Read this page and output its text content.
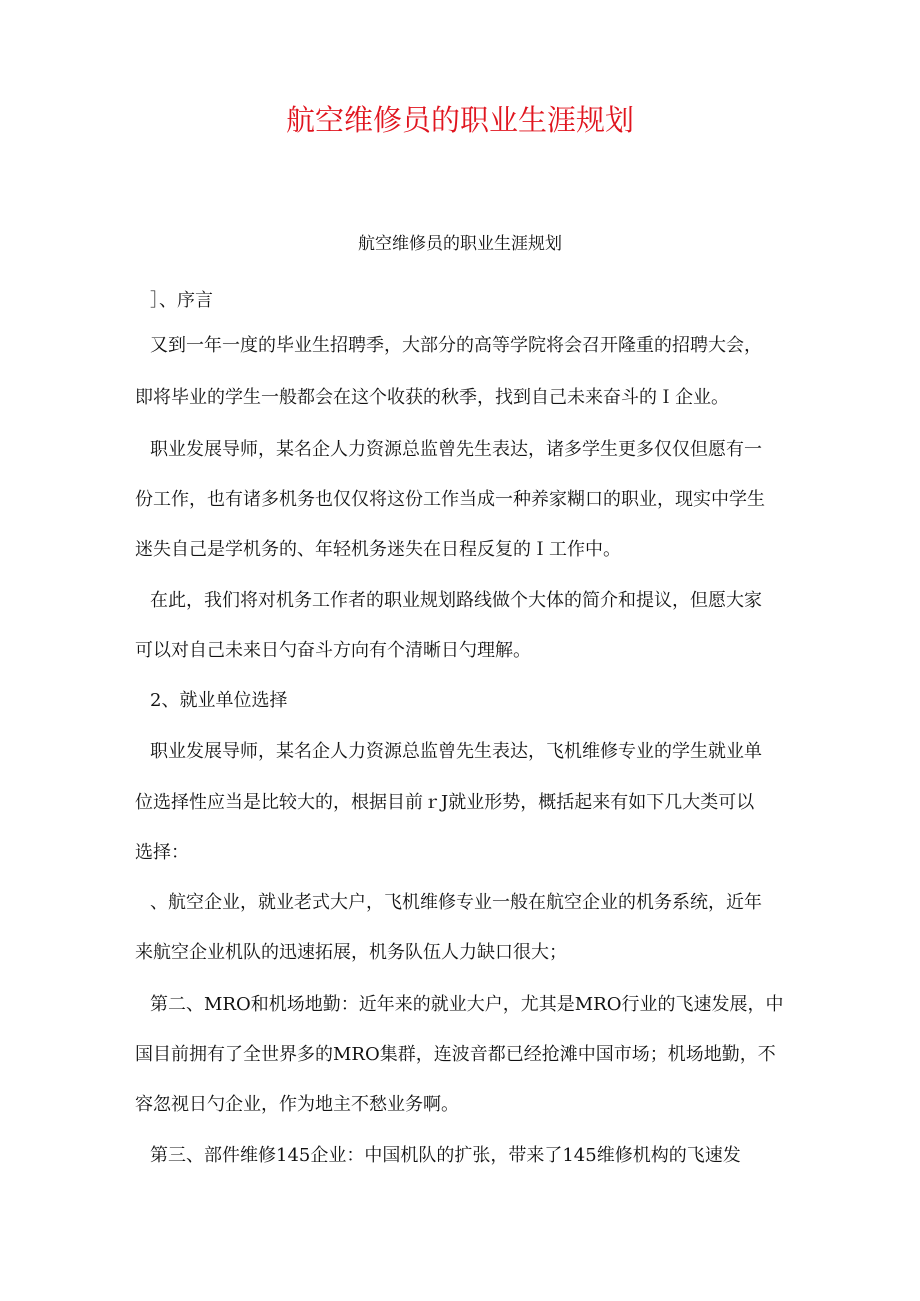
航空维修员的职业生涯规划
航空维修员的职业生涯规划
］、序言
又到一年一度的毕业生招聘季，大部分的高等学院将会召开隆重的招聘大会，
即将毕业的学生一般都会在这个收获的秋季，找到自己未来奋斗的Ｉ企业。
职业发展导师，某名企人力资源总监曾先生表达，诸多学生更多仅仅但愿有一
份工作，也有诸多机务也仅仅将这份工作当成一种养家糊口的职业，现实中学生
迷失自己是学机务的、年轻机务迷失在日程反复的Ｉ工作中。
在此，我们将对机务工作者的职业规划路线做个大体的简介和提议，但愿大家
可以对自己未来日勺奋斗方向有个清晰日勺理解。
2、就业单位选择
职业发展导师，某名企人力资源总监曾先生表达，飞机维修专业的学生就业单
位选择性应当是比较大的，根据目前ｒJ就业形势，概括起来有如下几大类可以
选择：
、航空企业，就业老式大户，飞机维修专业一般在航空企业的机务系统，近年
来航空企业机队的迅速拓展，机务队伍人力缺口很大；
第二、MRO和机场地勤：近年来的就业大户，尤其是MRO行业的飞速发展，中
国目前拥有了全世界多的MRO集群，连波音都已经抢滩中国市场；机场地勤，不
容忽视日勺企业，作为地主不愁业务啊。
第三、部件维修145企业：中国机队的扩张，带来了145维修机构的飞速发
